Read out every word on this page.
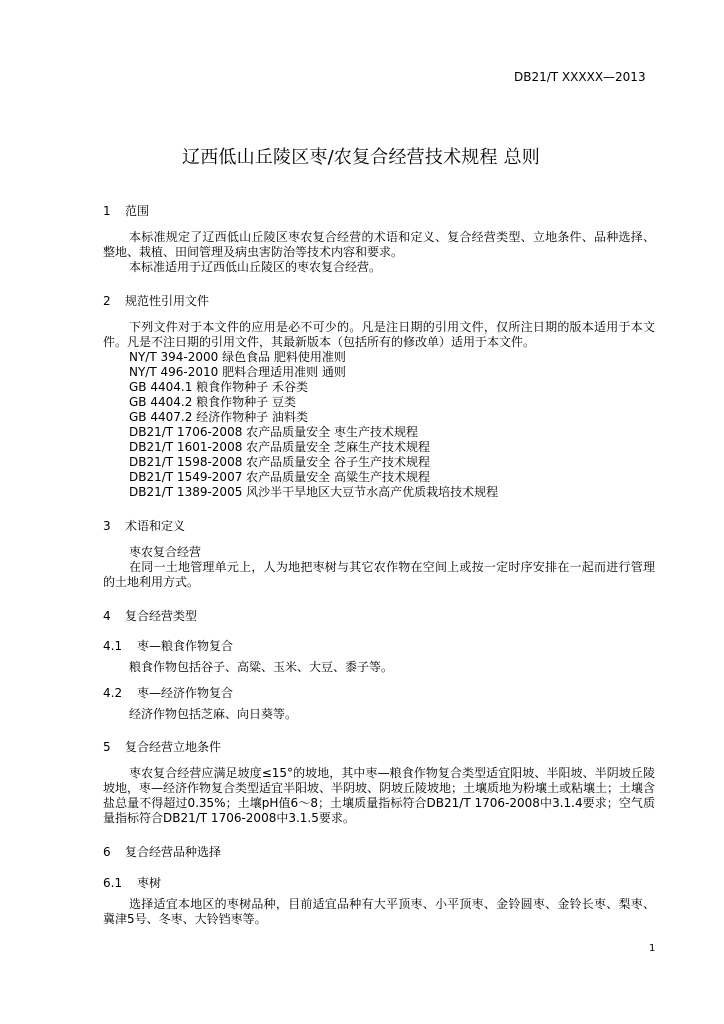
DB21/T XXXXX—2013
辽西低山丘陵区枣/农复合经营技术规程 总则
1 范围
本标准规定了辽西低山丘陵区枣农复合经营的术语和定义、复合经营类型、立地条件、品种选择、整地、栽植、田间管理及病虫害防治等技术内容和要求。
本标准适用于辽西低山丘陵区的枣农复合经营。
2 规范性引用文件
下列文件对于本文件的应用是必不可少的。凡是注日期的引用文件，仅所注日期的版本适用于本文件。凡是不注日期的引用文件，其最新版本（包括所有的修改单）适用于本文件。
NY/T 394-2000 绿色食品 肥料使用准则
NY/T 496-2010 肥料合理适用准则 通则
GB 4404.1 粮食作物种子 禾谷类
GB 4404.2 粮食作物种子 豆类
GB 4407.2 经济作物种子 油料类
DB21/T 1706-2008 农产品质量安全 枣生产技术规程
DB21/T 1601-2008 农产品质量安全 芝麻生产技术规程
DB21/T 1598-2008 农产品质量安全 谷子生产技术规程
DB21/T 1549-2007 农产品质量安全 高粱生产技术规程
DB21/T 1389-2005 风沙半干旱地区大豆节水高产优质栽培技术规程
3 术语和定义
枣农复合经营
在同一土地管理单元上，人为地把枣树与其它农作物在空间上或按一定时序安排在一起而进行管理的土地利用方式。
4 复合经营类型
4.1 枣—粮食作物复合
粮食作物包括谷子、高粱、玉米、大豆、黍子等。
4.2 枣—经济作物复合
经济作物包括芝麻、向日葵等。
5 复合经营立地条件
枣农复合经营应满足坡度≤15°的坡地，其中枣—粮食作物复合类型适宜阳坡、半阳坡、半阴坡丘陵坡地，枣—经济作物复合类型适宜半阳坡、半阴坡、阴坡丘陵坡地；土壤质地为粉壤土或粘壤土；土壤含盐总量不得超过0.35%；土壤pH值6～8；土壤质量指标符合DB21/T 1706-2008中3.1.4要求；空气质量指标符合DB21/T 1706-2008中3.1.5要求。
6 复合经营品种选择
6.1 枣树
选择适宜本地区的枣树品种，目前适宜品种有大平顶枣、小平顶枣、金铃圆枣、金铃长枣、梨枣、冀津5号、冬枣、大铃铛枣等。
1
